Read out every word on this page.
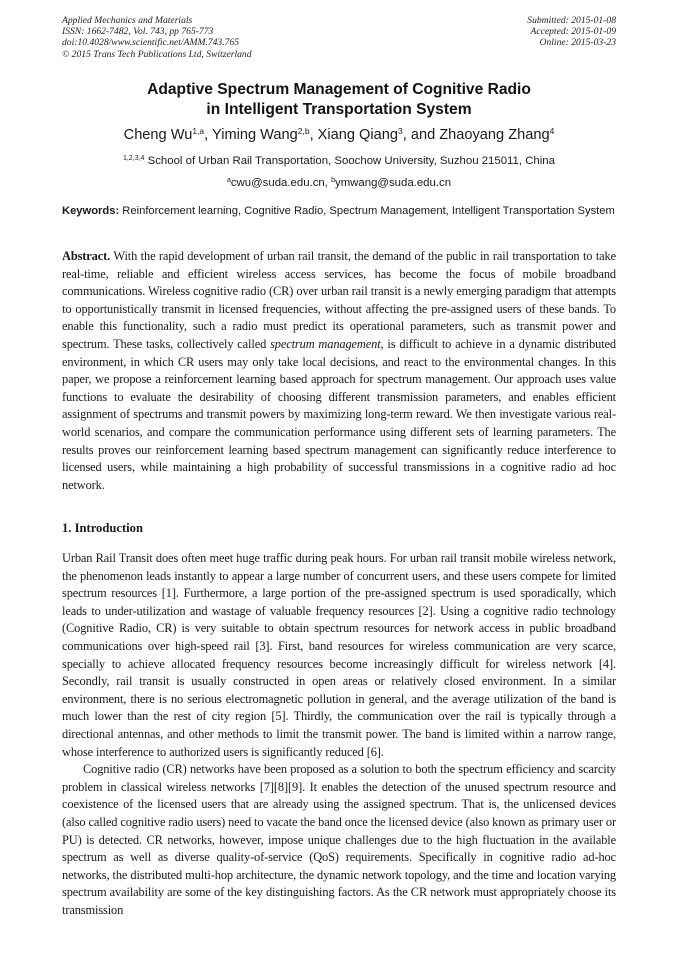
Applied Mechanics and Materials
ISSN: 1662-7482, Vol. 743, pp 765-773
doi:10.4028/www.scientific.net/AMM.743.765
© 2015 Trans Tech Publications Ltd, Switzerland
Submitted: 2015-01-08
Accepted: 2015-01-09
Online: 2015-03-23
Adaptive Spectrum Management of Cognitive Radio
in Intelligent Transportation System
Cheng Wu$^{1,a}$, Yiming Wang$^{2,b}$, Xiang Qiang$^3$, and Zhaoyang Zhang$^4$
$^{1,2,3,4}$ School of Urban Rail Transportation, Soochow University, Suzhou 215011, China
$^a$cwu@suda.edu.cn, $^b$ymwang@suda.edu.cn
Keywords: Reinforcement learning, Cognitive Radio, Spectrum Management, Intelligent Transportation System
Abstract. With the rapid development of urban rail transit, the demand of the public in rail transportation to take real-time, reliable and efficient wireless access services, has become the focus of mobile broadband communications. Wireless cognitive radio (CR) over urban rail transit is a newly emerging paradigm that attempts to opportunistically transmit in licensed frequencies, without affecting the pre-assigned users of these bands. To enable this functionality, such a radio must predict its operational parameters, such as transmit power and spectrum. These tasks, collectively called spectrum management, is difficult to achieve in a dynamic distributed environment, in which CR users may only take local decisions, and react to the environmental changes. In this paper, we propose a reinforcement learning based approach for spectrum management. Our approach uses value functions to evaluate the desirability of choosing different transmission parameters, and enables efficient assignment of spectrums and transmit powers by maximizing long-term reward. We then investigate various real-world scenarios, and compare the communication performance using different sets of learning parameters. The results proves our reinforcement learning based spectrum management can significantly reduce interference to licensed users, while maintaining a high probability of successful transmissions in a cognitive radio ad hoc network.
1. Introduction

Urban Rail Transit does often meet huge traffic during peak hours. For urban rail transit mobile wireless network, the phenomenon leads instantly to appear a large number of concurrent users, and these users compete for limited spectrum resources [1]. Furthermore, a large portion of the pre-assigned spectrum is used sporadically, which leads to under-utilization and wastage of valuable frequency resources [2]. Using a cognitive radio technology (Cognitive Radio, CR) is very suitable to obtain spectrum resources for network access in public broadband communications over high-speed rail [3]. First, band resources for wireless communication are very scarce, specially to achieve allocated frequency resources become increasingly difficult for wireless network [4]. Secondly, rail transit is usually constructed in open areas or relatively closed environment. In a similar environment, there is no serious electromagnetic pollution in general, and the average utilization of the band is much lower than the rest of city region [5]. Thirdly, the communication over the rail is typically through a directional antennas, and other methods to limit the transmit power. The band is limited within a narrow range, whose interference to authorized users is significantly reduced [6].

Cognitive radio (CR) networks have been proposed as a solution to both the spectrum efficiency and scarcity problem in classical wireless networks [7][8][9]. It enables the detection of the unused spectrum resource and coexistence of the licensed users that are already using the assigned spectrum. That is, the unlicensed devices (also called cognitive radio users) need to vacate the band once the licensed device (also known as primary user or PU) is detected. CR networks, however, impose unique challenges due to the high fluctuation in the available spectrum as well as diverse quality-of-service (QoS) requirements. Specifically in cognitive radio ad-hoc networks, the distributed multi-hop architecture, the dynamic network topology, and the time and location varying spectrum availability are some of the key distinguishing factors. As the CR network must appropriately choose its transmission
